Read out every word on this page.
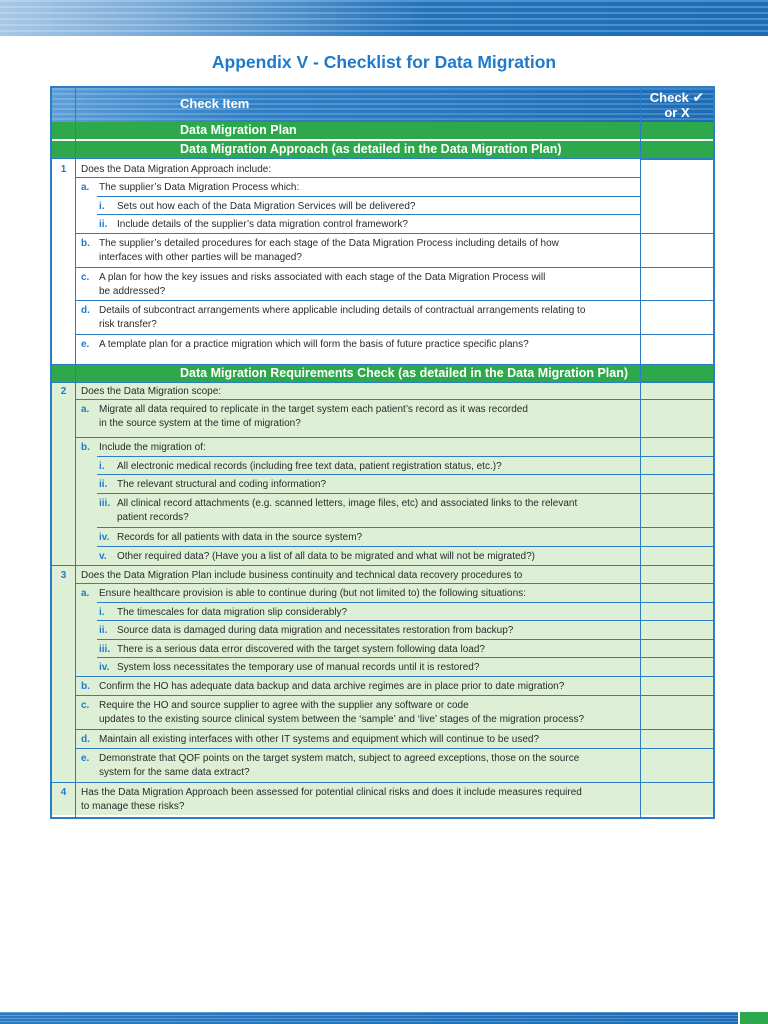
Appendix V - Checklist for Data Migration
Check Item	Check ✔
or X
Data Migration Plan
Data Migration Approach (as detailed in the Data Migration Plan)
Data Migration Requirements Check (as detailed in the Data Migration Plan)
1	Does the Data Migration Approach include:
a. The supplier’s Data Migration Process which:
i. Sets out how each of the Data Migration Services will be delivered?
ii. Include details of the supplier’s data migration control framework?
b. The supplier’s detailed procedures for each stage of the Data Migration Process including details of how
interfaces with other parties will be managed?
c. A plan for how the key issues and risks associated with each stage of the Data Migration Process will
be addressed?
d. Details of subcontract arrangements where applicable including details of contractual arrangements relating to
risk transfer?
e. A template plan for a practice migration which will form the basis of future practice specific plans?
2	Does the Data Migration scope:
a. Migrate all data required to replicate in the target system each patient’s record as it was recorded
in the source system at the time of migration?
b. Include the migration of:
i. All electronic medical records (including free text data, patient registration status, etc.)?
ii. The relevant structural and coding information?
iii. All clinical record attachments (e.g. scanned letters, image files, etc) and associated links to the relevant
patient records?
iv. Records for all patients with data in the source system?
v. Other required data? (Have you a list of all data to be migrated and what will not be migrated?)
3	Does the Data Migration Plan include business continuity and technical data recovery procedures to
a. Ensure healthcare provision is able to continue during (but not limited to) the following situations:
i. The timescales for data migration slip considerably?
ii. Source data is damaged during data migration and necessitates restoration from backup?
iii. There is a serious data error discovered with the target system following data load?
iv. System loss necessitates the temporary use of manual records until it is restored?
b. Confirm the HO has adequate data backup and data archive regimes are in place prior to date migration?
c. Require the HO and source supplier to agree with the supplier any software or code
updates to the existing source clinical system between the ‘sample’ and ‘live’ stages of the migration process?
d. Maintain all existing interfaces with other IT systems and equipment which will continue to be used?
e. Demonstrate that QOF points on the target system match, subject to agreed exceptions, those on the source
system for the same data extract?
4	Has the Data Migration Approach been assessed for potential clinical risks and does it include measures required
to manage these risks?
